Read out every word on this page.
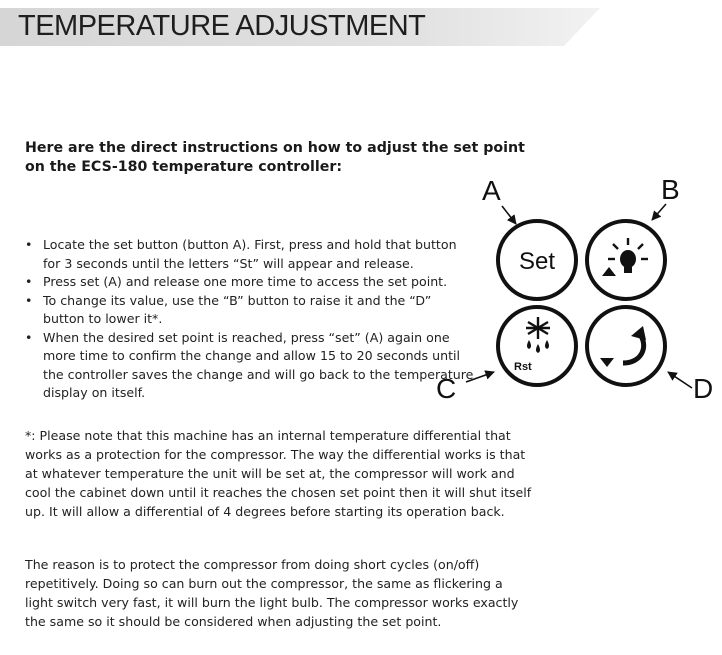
TEMPERATURE ADJUSTMENT
Here are the direct instructions on how to adjust the set point on the ECS-180 temperature controller:
• Locate the set button (button A). First, press and hold that button for 3 seconds until the letters “St” will appear and release.
• Press set (A) and release one more time to access the set point.
• To change its value, use the “B” button to raise it and the “D” button to lower it*.
• When the desired set point is reached, press “set” (A) again one more time to confirm the change and allow 15 to 20 seconds until the controller saves the change and will go back to the temperature display on itself.

*: Please note that this machine has an internal temperature differential that works as a protection for the compressor. The way the differential works is that at whatever temperature the unit will be set at, the compressor will work and cool the cabinet down until it reaches the chosen set point then it will shut itself up. It will allow a differential of 4 degrees before starting its operation back.

The reason is to protect the compressor from doing short cycles (on/off) repetitively. Doing so can burn out the compressor, the same as flickering a light switch very fast, it will burn the light bulb. The compressor works exactly the same so it should be considered when adjusting the set point.

A	B
C	D
Set
Rst
